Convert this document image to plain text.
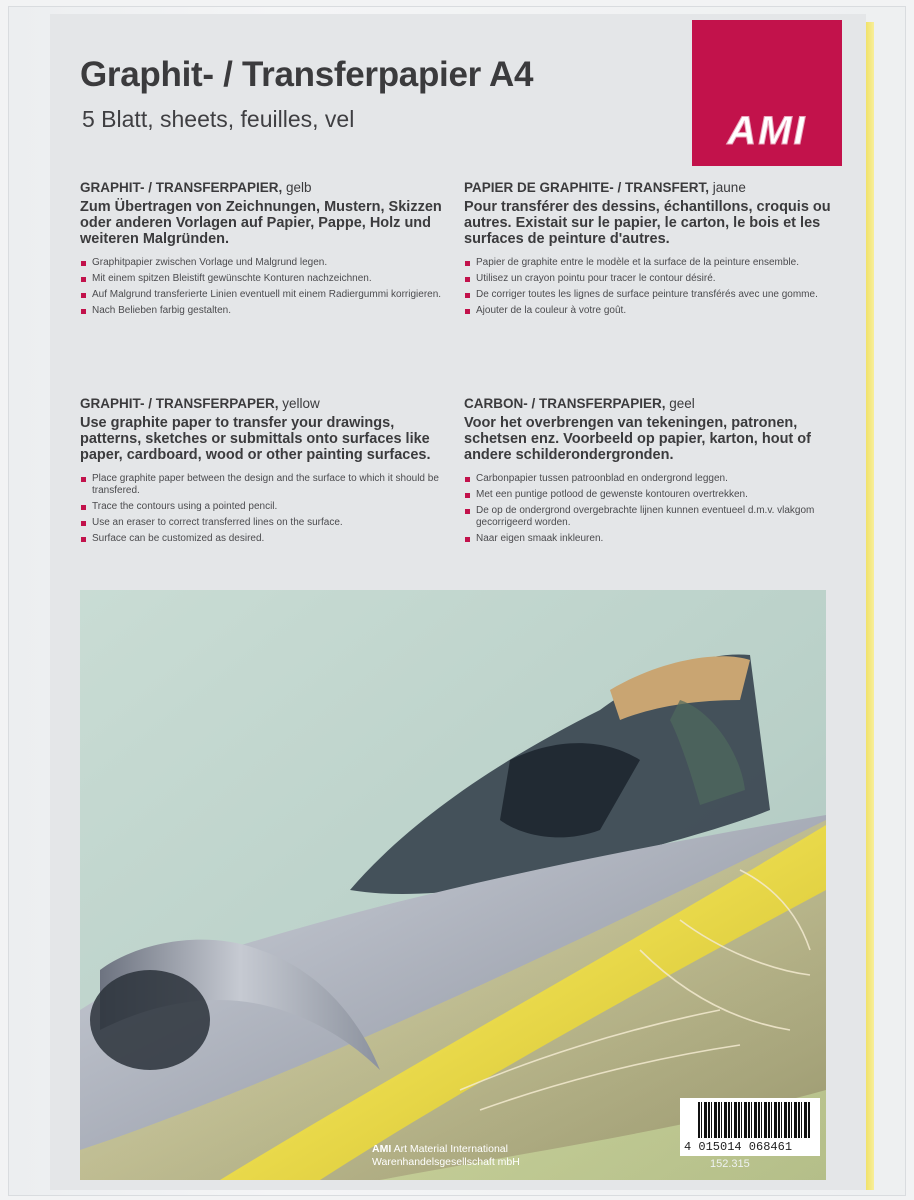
Graphit- / Transferpapier A4
5 Blatt, sheets, feuilles, vel	AMI
GRAPHIT- / TRANSFERPAPIER, gelb

Zum Übertragen von Zeichnungen, Mustern, Skizzen oder anderen Vorlagen auf Papier, Pappe, Holz und weiteren Malgründen.

Graphitpapier zwischen Vorlage und Malgrund legen.
Mit einem spitzen Bleistift gewünschte Konturen nachzeichnen.
Auf Malgrund transferierte Linien eventuell mit einem Radiergummi korrigieren.
Nach Belieben farbig gestalten.
PAPIER DE GRAPHITE- / TRANSFERT, jaune

Pour transférer des dessins, échantillons, croquis ou autres. Existait sur le papier, le carton, le bois et les surfaces de peinture d'autres.

Papier de graphite entre le modèle et la surface de la peinture ensemble.
Utilisez un crayon pointu pour tracer le contour désiré.
De corriger toutes les lignes de surface peinture transférés avec une gomme.
Ajouter de la couleur à votre goût.
GRAPHIT- / TRANSFERPAPER, yellow

Use graphite paper to transfer your drawings, patterns, sketches or submittals onto surfaces like paper, cardboard, wood or other painting surfaces.

Place graphite paper between the design and the surface to which it should be transfered.
Trace the contours using a pointed pencil.
Use an eraser to correct transferred lines on the surface.
Surface can be customized as desired.
CARBON- / TRANSFERPAPIER, geel

Voor het overbrengen van tekeningen, patronen, schetsen enz. Voorbeeld op papier, karton, hout of andere schilderondergronden.

Carbonpapier tussen patroonblad en ondergrond leggen.
Met een puntige potlood de gewenste kontouren overtrekken.
De op de ondergrond overgebrachte lijnen kunnen eventueel d.m.v. vlakgom gecorrigeerd worden.
Naar eigen smaak inkleuren.
AMI Art Material International
Warenhandelsgesellschaft mbH
4 015014 068461
152.315
